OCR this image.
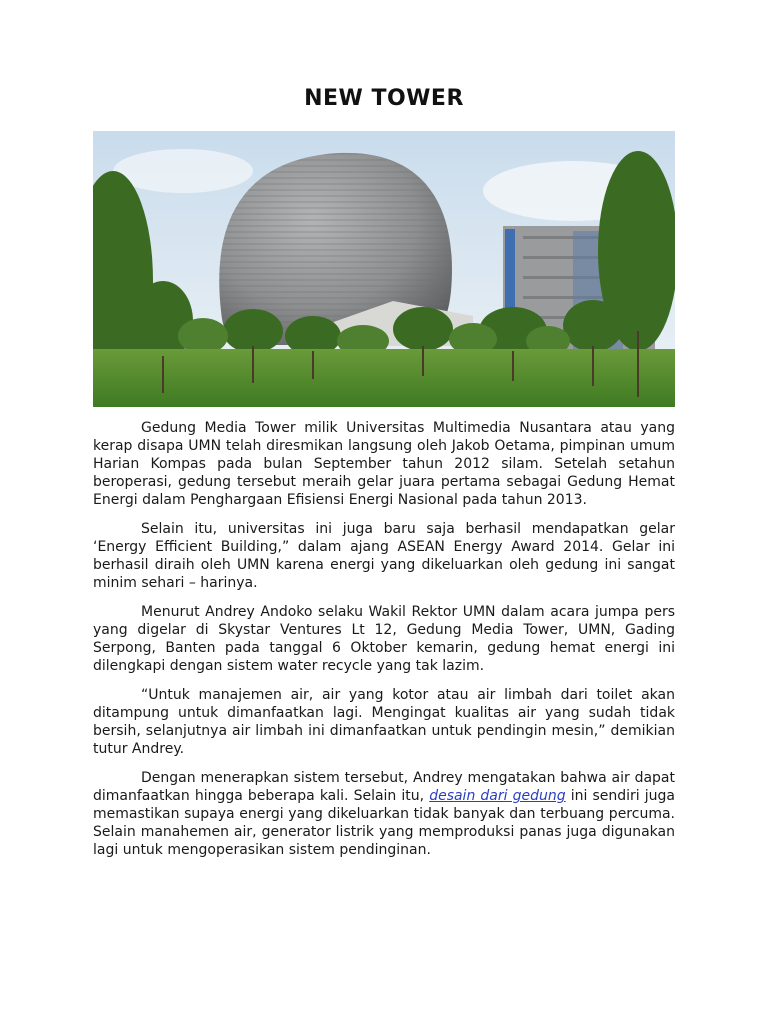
NEW TOWER

Gedung Media Tower milik Universitas Multimedia Nusantara atau yang kerap disapa UMN telah diresmikan langsung oleh Jakob Oetama, pimpinan umum Harian Kompas pada bulan September tahun 2012 silam. Setelah setahun beroperasi, gedung tersebut meraih gelar juara pertama sebagai Gedung Hemat Energi dalam Penghargaan Efisiensi Energi Nasional pada tahun 2013.

Selain itu, universitas ini juga baru saja berhasil mendapatkan gelar ‘Energy Efficient Building,” dalam ajang ASEAN Energy Award 2014. Gelar ini berhasil diraih oleh UMN karena energi yang dikeluarkan oleh gedung ini sangat minim sehari – harinya.

Menurut Andrey Andoko selaku Wakil Rektor UMN dalam acara jumpa pers yang digelar di Skystar Ventures Lt 12, Gedung Media Tower, UMN, Gading Serpong, Banten pada tanggal 6 Oktober kemarin, gedung hemat energi ini dilengkapi dengan sistem water recycle yang tak lazim.

“Untuk manajemen air, air yang kotor atau air limbah dari toilet akan ditampung untuk dimanfaatkan lagi. Mengingat kualitas air yang sudah tidak bersih, selanjutnya air limbah ini dimanfaatkan untuk pendingin mesin,” demikian tutur Andrey.

Dengan menerapkan sistem tersebut, Andrey mengatakan bahwa air dapat dimanfaatkan hingga beberapa kali. Selain itu, desain dari gedung ini sendiri juga memastikan supaya energi yang dikeluarkan tidak banyak dan terbuang percuma. Selain manahemen air, generator listrik yang memproduksi panas juga digunakan lagi untuk mengoperasikan sistem pendinginan.
